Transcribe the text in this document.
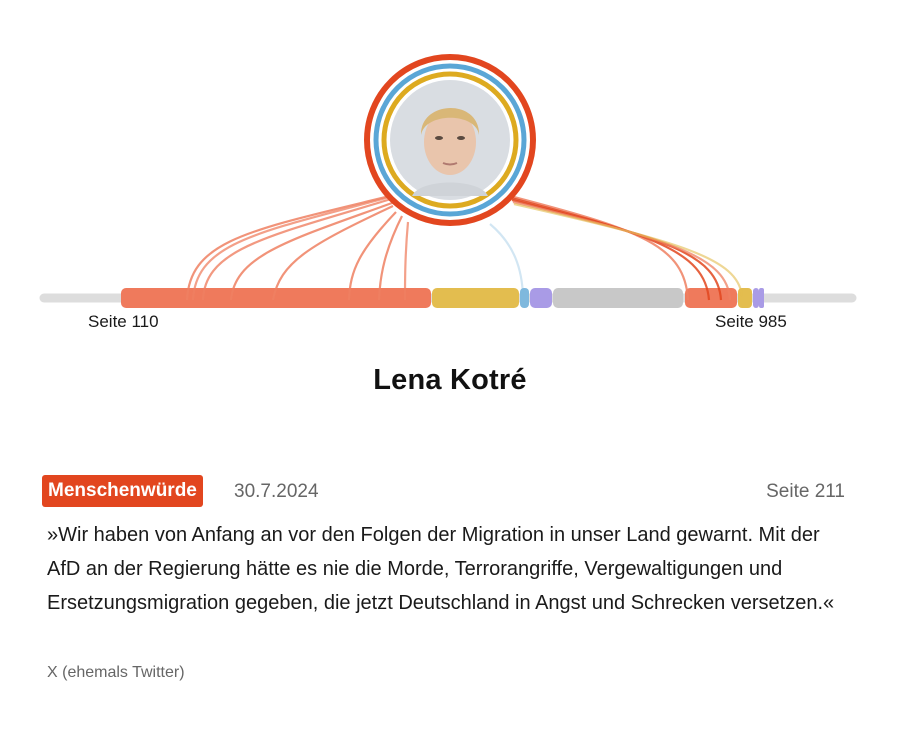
Seite 110	Seite 985
Lena Kotré
Menschenwürde	30.7.2024	Seite 211

»Wir haben von Anfang an vor den Folgen der Migration in unser Land gewarnt. Mit der AfD an der Regierung hätte es nie die Morde, Terrorangriffe, Vergewaltigungen und Ersetzungsmigration gegeben, die jetzt Deutschland in Angst und Schrecken versetzen.«

X (ehemals Twitter)
